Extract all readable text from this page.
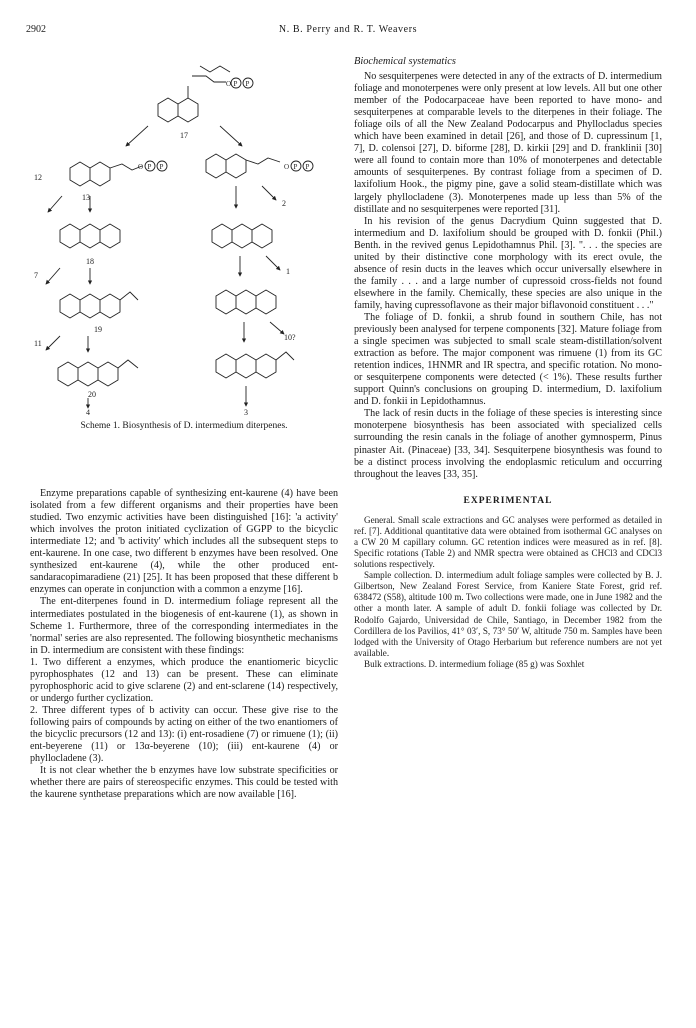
2902	N. B. Perry and R. T. Weavers
P P
O
17
P P
O
13
P P
O
12
2
18
7	1
19
11
10?
20
4	3
Scheme 1. Biosynthesis of D. intermedium diterpenes.

Enzyme preparations capable of synthesizing ent-kaurene (4) have been isolated from a few different organisms and their properties have been studied. Two enzymic activities have been distinguished [16]: 'a activity' which involves the proton initiated cyclization of GGPP to the bicyclic intermediate 12; and 'b activity' which includes all the subsequent steps to ent-kaurene. In one case, two different b enzymes have been resolved. One synthesized ent-kaurene (4), while the other produced ent-sandaracopimaradiene (21) [25]. It has been proposed that these different b enzymes can operate in conjunction with a common a enzyme [16].

The ent-diterpenes found in D. intermedium foliage represent all the intermediates postulated in the biogenesis of ent-kaurene (1), as shown in Scheme 1. Furthermore, three of the corresponding intermediates in the 'normal' series are also represented. The following biosynthetic mechanisms in D. intermedium are consistent with these findings:

1. Two different a enzymes, which produce the enantiomeric bicyclic pyrophosphates (12 and 13) can be present. These can eliminate pyrophosphoric acid to give sclarene (2) and ent-sclarene (14) respectively, or undergo further cyclization.

2. Three different types of b activity can occur. These give rise to the following pairs of compounds by acting on either of the two enantiomers of the bicyclic precursors (12 and 13): (i) ent-rosadiene (7) or rimuene (1); (ii) ent-beyerene (11) or 13α-beyerene (10); (iii) ent-kaurene (4) or phyllocladene (3).

It is not clear whether the b enzymes have low substrate specificities or whether there are pairs of stereospecific enzymes. This could be tested with the kaurene synthetase preparations which are now available [16].

Biochemical systematics

No sesquiterpenes were detected in any of the extracts of D. intermedium foliage and monoterpenes were only present at low levels. All but one other member of the Podocarpaceae have been reported to have mono- and sesquiterpenes at comparable levels to the diterpenes in their foliage. The foliage oils of all the New Zealand Podocarpus and Phyllocladus species which have been examined in detail [26], and those of D. cupressinum [1, 7], D. colensoi [27], D. biforme [28], D. kirkii [29] and D. franklinii [30] were all found to contain more than 10% of monoterpenes and detectable amounts of sesquiterpenes. By contrast foliage from a specimen of D. laxifolium Hook., the pigmy pine, gave a solid steam-distillate which was largely phyllocladene (3). Monoterpenes made up less than 5% of the distillate and no sesquiterpenes were reported [31].

In his revision of the genus Dacrydium Quinn suggested that D. intermedium and D. laxifolium should be grouped with D. fonkii (Phil.) Benth. in the revived genus Lepidothamnus Phil. [3]. ". . . the species are united by their distinctive cone morphology with its erect ovule, the absence of resin ducts in the leaves which occur universally elsewhere in the family . . . and a large number of cupressoid cross-fields not found elsewhere in the family. Chemically, these species are also unique in the family, having cupressoflavone as their major biflavonoid constituent . . ."

The foliage of D. fonkii, a shrub found in southern Chile, has not previously been analysed for terpene components [32]. Mature foliage from a single specimen was subjected to small scale steam-distillation/solvent extraction as before. The major component was rimuene (1) from its GC retention indices, 1HNMR and IR spectra, and specific rotation. No mono- or sesquiterpene components were detected (< 1%). These results further support Quinn's conclusions on grouping D. intermedium, D. laxifolium and D. fonkii in Lepidothamnus.

The lack of resin ducts in the foliage of these species is interesting since monoterpene biosynthesis has been associated with specialized cells surrounding the resin canals in the foliage of another gymnosperm, Pinus pinaster Ait. (Pinaceae) [33, 34]. Sesquiterpene biosynthesis was found to be a distinct process involving the endoplasmic reticulum and occurring throughout the leaves [33, 35].

EXPERIMENTAL

General. Small scale extractions and GC analyses were performed as detailed in ref. [7]. Additional quantitative data were obtained from isothermal GC analyses on a CW 20 M capillary column. GC retention indices were measured as in ref. [8]. Specific rotations (Table 2) and NMR spectra were obtained as CHCl3 and CDCl3 solutions respectively.

Sample collection. D. intermedium adult foliage samples were collected by B. J. Gilbertson, New Zealand Forest Service, from Kaniere State Forest, grid ref. 638472 (S58), altitude 100 m. Two collections were made, one in June 1982 and the other a month later. A sample of adult D. fonkii foliage was collected by Dr. Rodolfo Gajardo, Universidad de Chile, Santiago, in December 1982 from the Cordillera de los Pavilios, 41° 03′, S, 73° 50′ W, altitude 750 m. Samples have been lodged with the University of Otago Herbarium but reference numbers are not yet available.

Bulk extractions. D. intermedium foliage (85 g) was Soxhlet
